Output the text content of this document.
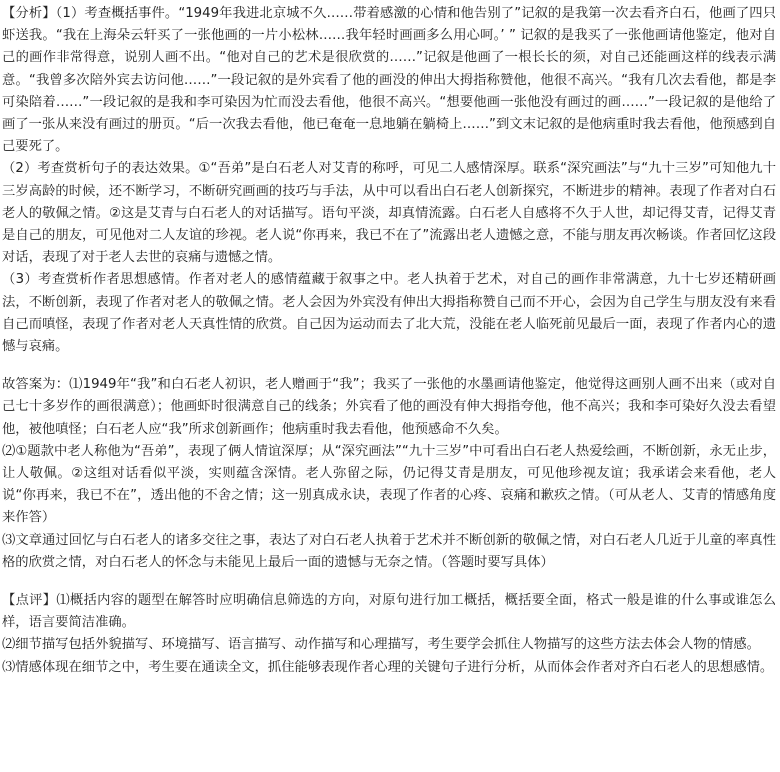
【分析】（1）考查概括事件。“1949年我进北京城不久……带着感激的心情和他告别了”记叙的是我第一次去看齐白石，他画了四只虾送我。“我在上海朵云轩买了一张他画的一片小松林……我年轻时画画多么用心呵。’ ” 记叙的是我买了一张他画请他鉴定，他对自己的画作非常得意，说别人画不出。“他对自己的艺术是很欣赏的……”记叙是他画了一根长长的须，对自己还能画这样的线表示满意。“我曾多次陪外宾去访问他……”一段记叙的是外宾看了他的画没的伸出大拇指称赞他，他很不高兴。“我有几次去看他，都是李可染陪着……”一段记叙的是我和李可染因为忙而没去看他，他很不高兴。“想要他画一张他没有画过的画……”一段记叙的是他给了画了一张从来没有画过的册页。“后一次我去看他，他已奄奄一息地躺在躺椅上……”到文末记叙的是他病重时我去看他，他预感到自己要死了。

（2）考查赏析句子的表达效果。①“吾弟”是白石老人对艾青的称呼，可见二人感情深厚。联系“深究画法”与“九十三岁”可知他九十三岁高龄的时候，还不断学习，不断研究画画的技巧与手法，从中可以看出白石老人创新探究，不断进步的精神。表现了作者对白石老人的敬佩之情。②这是艾青与白石老人的对话描写。语句平淡，却真情流露。白石老人自感将不久于人世，却记得艾青，记得艾青是自己的朋友，可见他对二人友谊的珍视。老人说“你再来，我已不在了”流露出老人遗憾之意，不能与朋友再次畅谈。作者回忆这段对话，表现了对于老人去世的哀痛与遗憾之情。

（3）考查赏析作者思想感情。作者对老人的感情蕴藏于叙事之中。老人执着于艺术，对自己的画作非常满意，九十七岁还精研画法，不断创新，表现了作者对老人的敬佩之情。老人会因为外宾没有伸出大拇指称赞自己而不开心，会因为自己学生与朋友没有来看自己而嗔怪，表现了作者对老人天真性情的欣赏。自己因为运动而去了北大荒，没能在老人临死前见最后一面，表现了作者内心的遗憾与哀痛。

故答案为：⑴1949年“我”和白石老人初识，老人赠画于“我”；我买了一张他的水墨画请他鉴定，他觉得这画别人画不出来（或对自己七十多岁作的画很满意）；他画虾时很满意自己的线条；外宾看了他的画没有伸大拇指夸他，他不高兴；我和李可染好久没去看望他，被他嗔怪；白石老人应“我”所求创新画作；他病重时我去看他，他预感命不久矣。

⑵①题款中老人称他为“吾弟”，表现了俩人情谊深厚；从“深究画法”“九十三岁”中可看出白石老人热爱绘画，不断创新，永无止步，让人敬佩。②这组对话看似平淡，实则蕴含深情。老人弥留之际，仍记得艾青是朋友，可见他珍视友谊；我承诺会来看他，老人说“你再来，我已不在”，透出他的不舍之情；这一别真成永诀，表现了作者的心疼、哀痛和歉疚之情。（可从老人、艾青的情感角度来作答）

⑶文章通过回忆与白石老人的诸多交往之事，表达了对白石老人执着于艺术并不断创新的敬佩之情，对白石老人几近于儿童的率真性格的欣赏之情，对白石老人的怀念与未能见上最后一面的遗憾与无奈之情。（答题时要写具体）

【点评】⑴概括内容的题型在解答时应明确信息筛选的方向，对原句进行加工概括，概括要全面，格式一般是谁的什么事或谁怎么样，语言要简洁准确。

⑵细节描写包括外貌描写、环境描写、语言描写、动作描写和心理描写，考生要学会抓住人物描写的这些方法去体会人物的情感。

⑶情感体现在细节之中，考生要在通读全文，抓住能够表现作者心理的关键句子进行分析，从而体会作者对齐白石老人的思想感情。
